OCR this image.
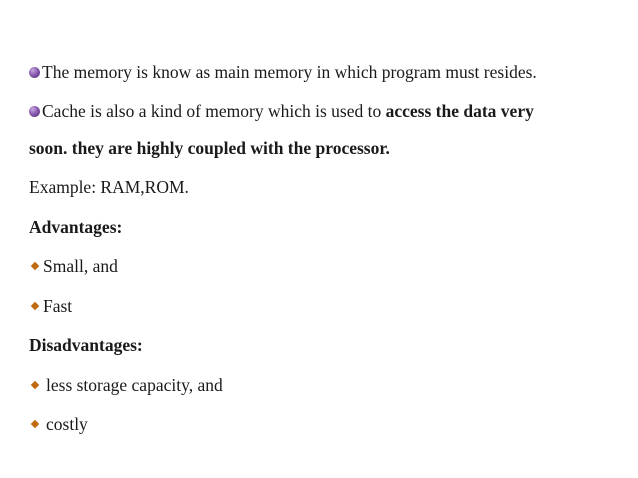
The memory is know as main memory in which program must resides.
Cache is also a kind of memory which is used to access the data very
soon. they are highly coupled with the processor.
Example: RAM,ROM.
Advantages:
Small, and
Fast
Disadvantages:
less storage capacity, and
costly
